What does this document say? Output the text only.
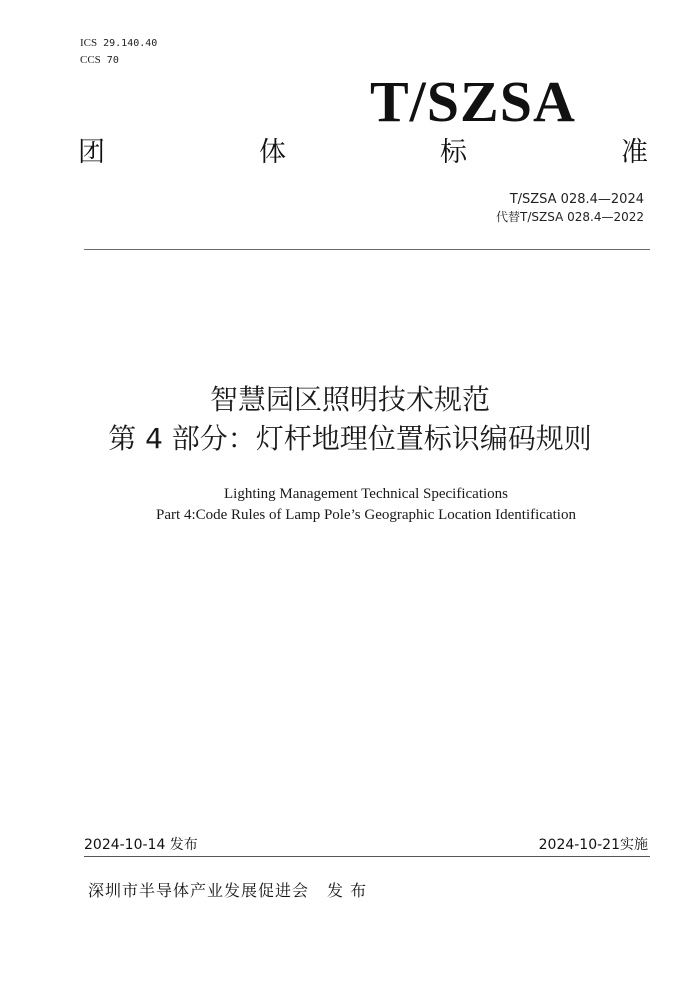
ICS 29.140.40
CCS 70
T/SZSA
团	体	标	准
T/SZSA 028.4—2024
代替T/SZSA 028.4—2022
智慧园区照明技术规范
第 4 部分：灯杆地理位置标识编码规则
Lighting Management Technical Specifications
Part 4:Code Rules of Lamp Pole’s Geographic Location Identification
2024-10-14 发布	2024-10-21实施
深圳市半导体产业发展促进会 发 布
